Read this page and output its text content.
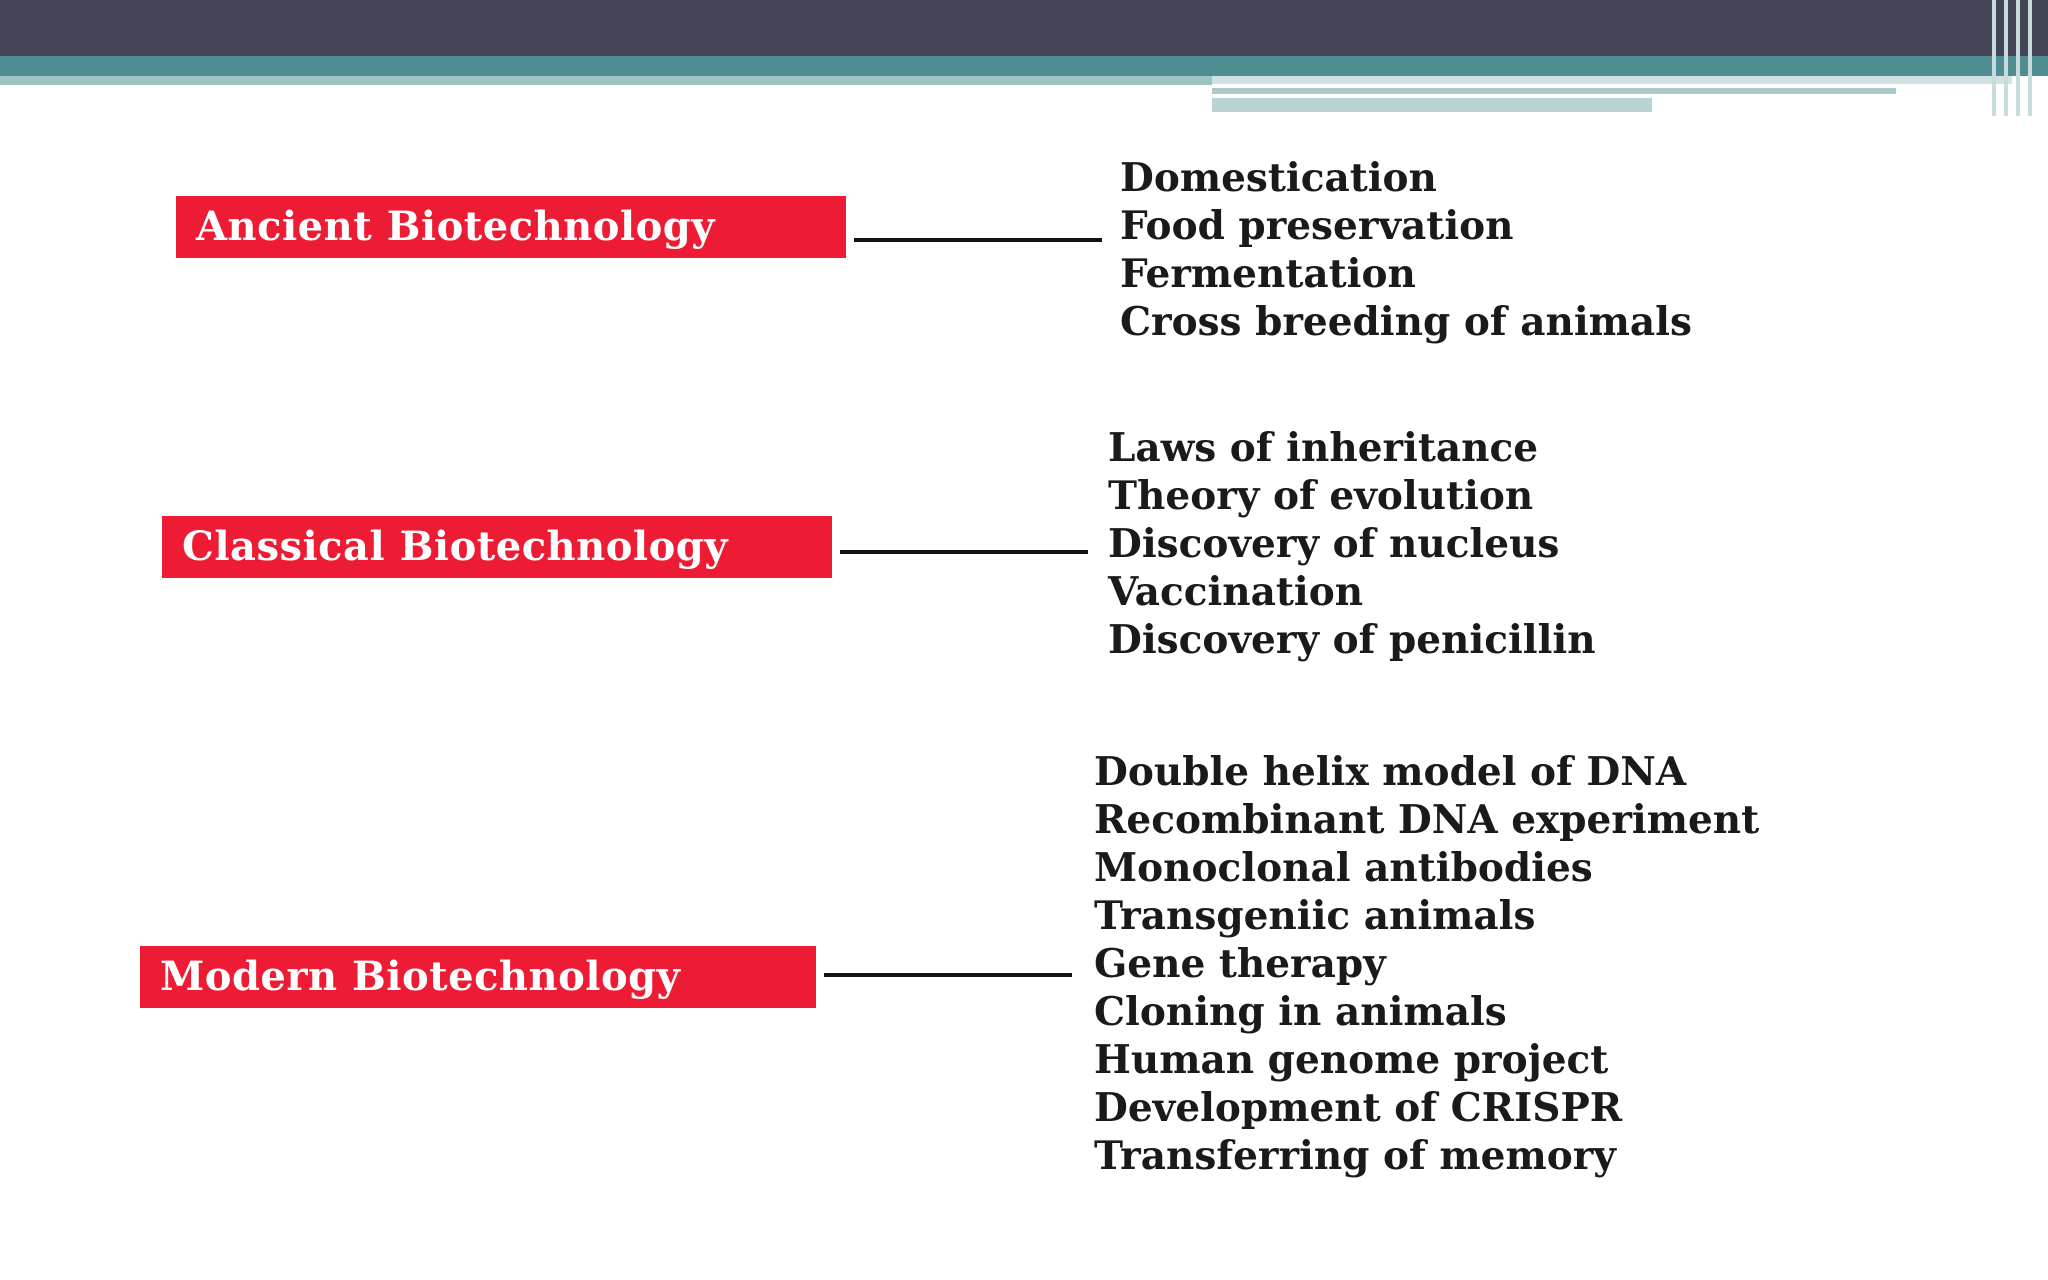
Ancient Biotechnology
Domestication
Food preservation
Fermentation
Cross breeding of animals
Classical Biotechnology
Laws of inheritance
Theory of evolution
Discovery of nucleus
Vaccination
Discovery of penicillin
Modern Biotechnology
Double helix model of DNA
Recombinant DNA experiment
Monoclonal antibodies
Transgeniic animals
Gene therapy
Cloning in animals
Human genome project
Development of CRISPR
Transferring of memory
